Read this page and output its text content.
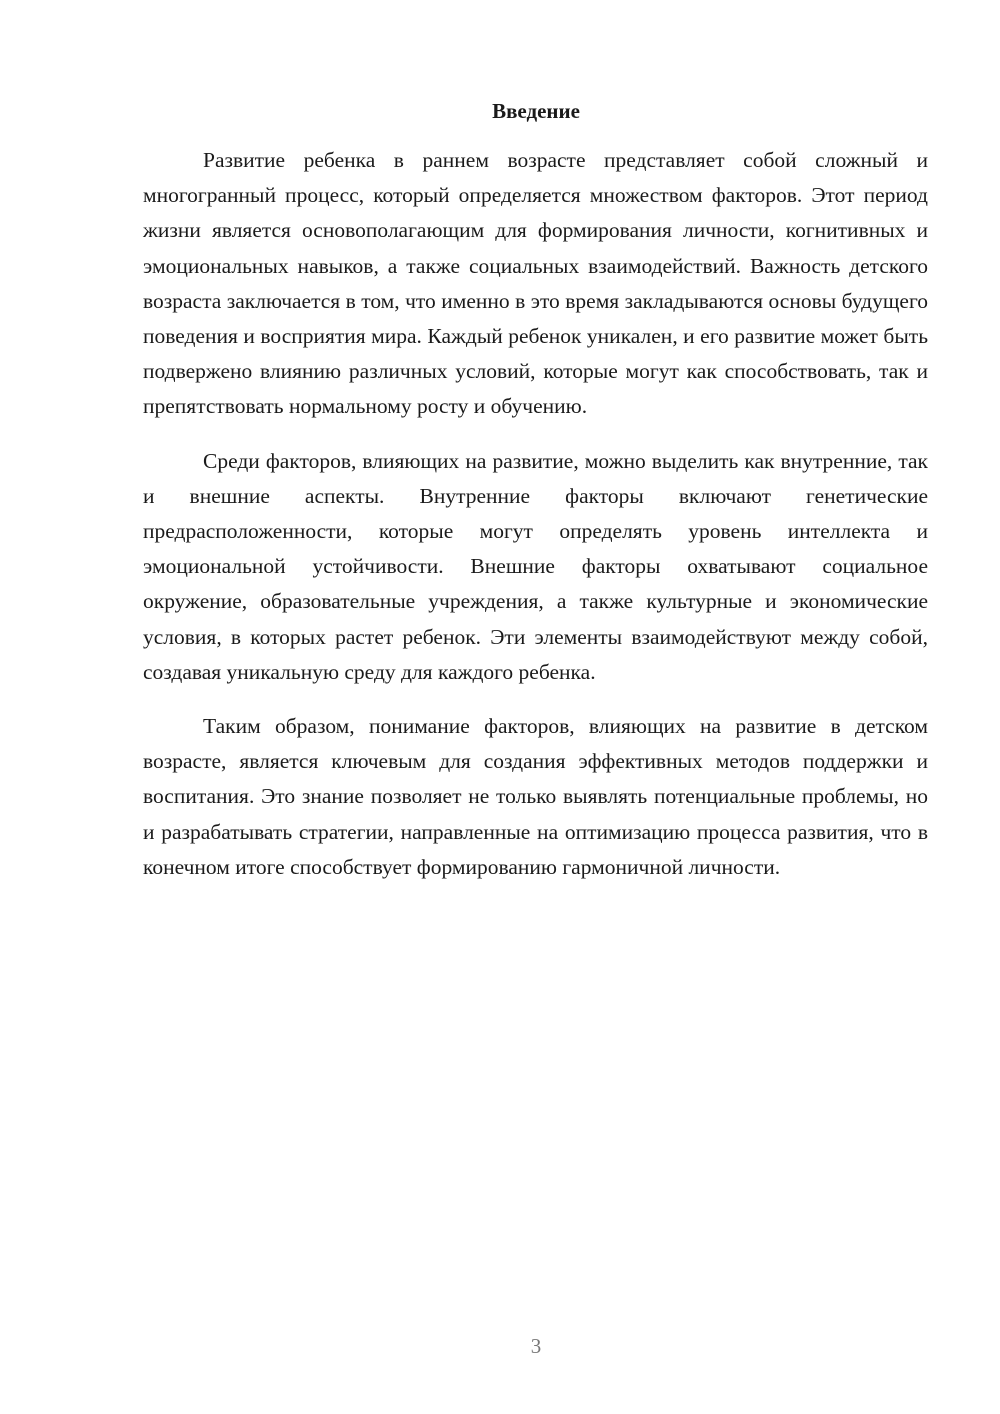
Введение

Развитие ребенка в раннем возрасте представляет собой сложный и многогранный процесс, который определяется множеством факторов. Этот период жизни является основополагающим для формирования личности, когнитивных и эмоциональных навыков, а также социальных взаимодействий. Важность детского возраста заключается в том, что именно в это время закладываются основы будущего поведения и восприятия мира. Каждый ребенок уникален, и его развитие может быть подвержено влиянию различных условий, которые могут как способствовать, так и препятствовать нормальному росту и обучению.

Среди факторов, влияющих на развитие, можно выделить как внутренние, так и внешние аспекты. Внутренние факторы включают генетические предрасположенности, которые могут определять уровень интеллекта и эмоциональной устойчивости. Внешние факторы охватывают социальное окружение, образовательные учреждения, а также культурные и экономические условия, в которых растет ребенок. Эти элементы взаимодействуют между собой, создавая уникальную среду для каждого ребенка.

Таким образом, понимание факторов, влияющих на развитие в детском возрасте, является ключевым для создания эффективных методов поддержки и воспитания. Это знание позволяет не только выявлять потенциальные проблемы, но и разрабатывать стратегии, направленные на оптимизацию процесса развития, что в конечном итоге способствует формированию гармоничной личности.

3
